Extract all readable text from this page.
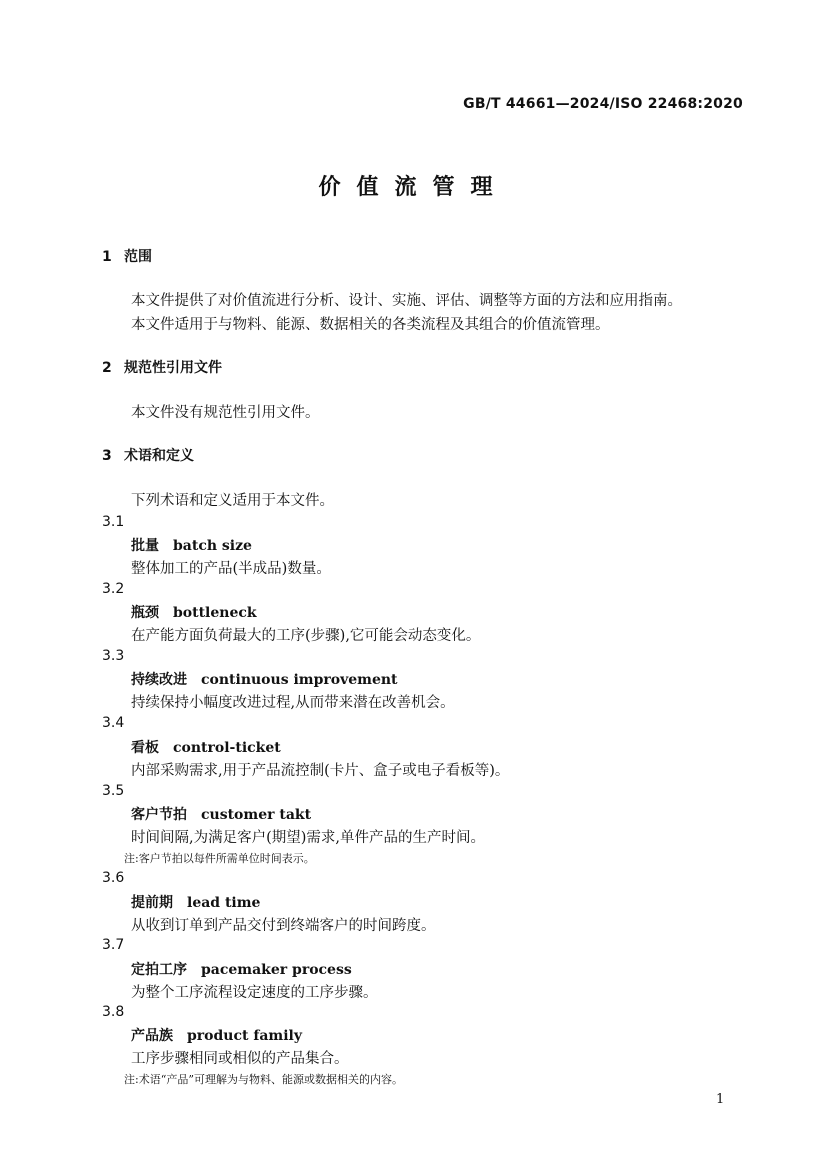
GB/T 44661—2024/ISO 22468:2020
价值流管理
1 范围
本文件提供了对价值流进行分析、设计、实施、评估、调整等方面的方法和应用指南。
本文件适用于与物料、能源、数据相关的各类流程及其组合的价值流管理。
2 规范性引用文件
本文件没有规范性引用文件。
3 术语和定义
下列术语和定义适用于本文件。
3.1
批量 batch size
整体加工的产品(半成品)数量。
3.2
瓶颈 bottleneck
在产能方面负荷最大的工序(步骤),它可能会动态变化。
3.3
持续改进 continuous improvement
持续保持小幅度改进过程,从而带来潜在改善机会。
3.4
看板 control-ticket
内部采购需求,用于产品流控制(卡片、盒子或电子看板等)。
3.5
客户节拍 customer takt
时间间隔,为满足客户(期望)需求,单件产品的生产时间。
注:客户节拍以每件所需单位时间表示。
3.6
提前期 lead time
从收到订单到产品交付到终端客户的时间跨度。
3.7
定拍工序 pacemaker process
为整个工序流程设定速度的工序步骤。
3.8
产品族 product family
工序步骤相同或相似的产品集合。
注:术语“产品”可理解为与物料、能源或数据相关的内容。
1
